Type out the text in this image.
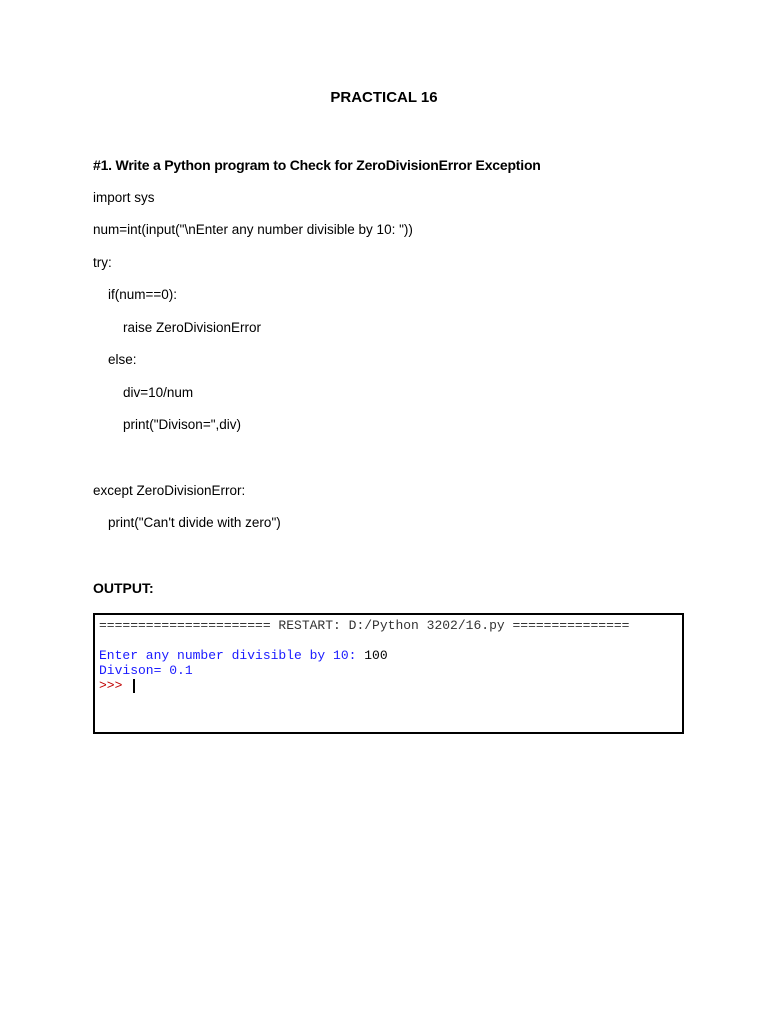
PRACTICAL 16
#1. Write a Python program to Check for ZeroDivisionError Exception
import sys
num=int(input("\nEnter any number divisible by 10: "))
try:
if(num==0):
raise ZeroDivisionError
else:
div=10/num
print("Divison=",div)
except ZeroDivisionError:
print("Can't divide with zero")
OUTPUT:
====================== RESTART: D:/Python 3202/16.py ===============
Enter any number divisible by 10: 100
Divison= 0.1
>>>
